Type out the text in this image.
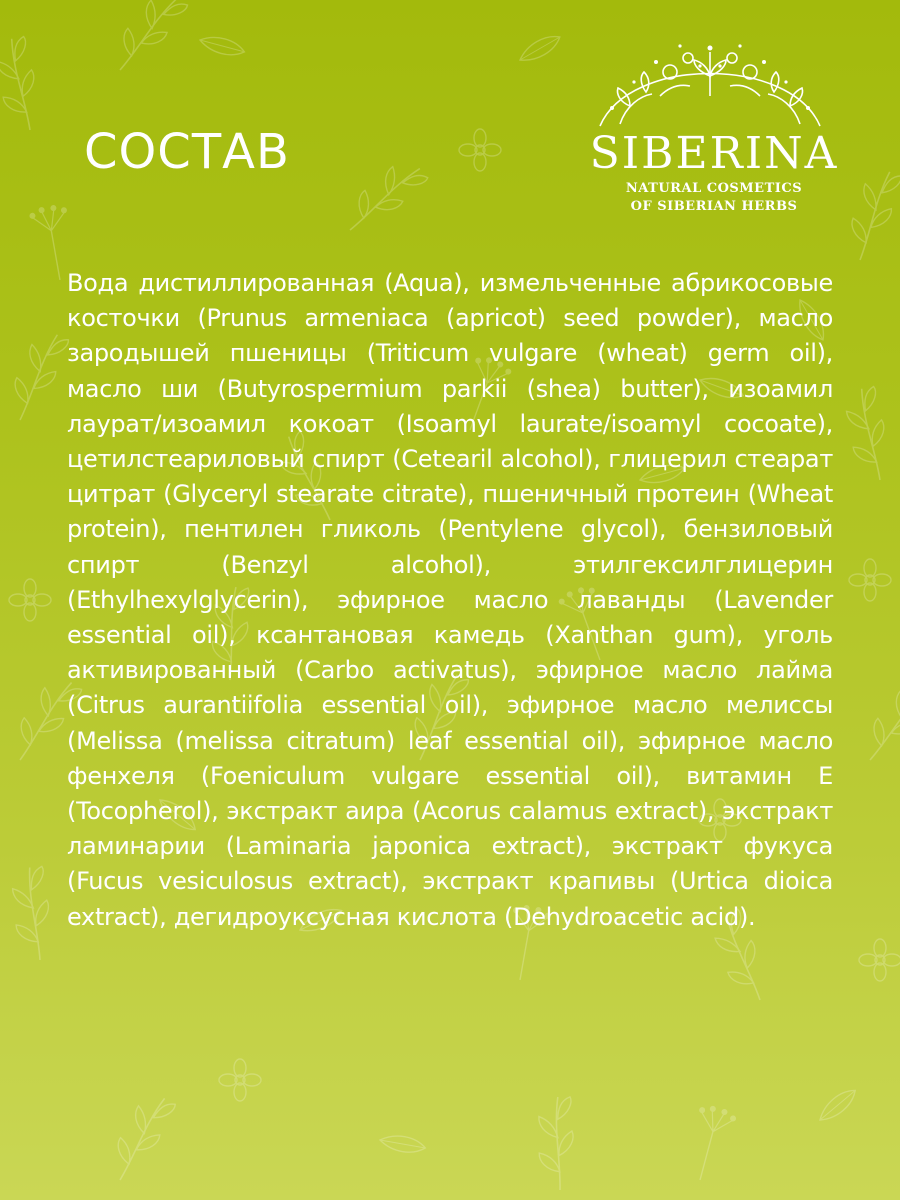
СОСТАВ	SIBERINA
NATURAL COSMETICS
OF SIBERIAN HERBS

Вода дистиллированная (Aqua), измельченные абрикосовые косточки (Prunus armeniaca (apricot) seed powder), масло зародышей пшеницы (Triticum vulgare (wheat) germ oil), масло ши (Butyrospermium parkii (shea) butter), изоамил лаурат/изоамил кокоат (Isoamyl laurate/isoamyl cocoate), цетилстеариловый спирт (Cetearil alcohol), глицерил стеарат цитрат (Glyceryl stearate citrate), пшеничный протеин (Wheat protein), пентилен гликоль (Pentylene glycol), бензиловый спирт (Benzyl alcohol), этилгексилглицерин (Ethylhexylglycerin), эфирное масло лаванды (Lavender essential oil), ксантановая камедь (Xanthan gum), уголь активированный (Carbo activatus), эфирное масло лайма (Citrus aurantiifolia essential oil), эфирное масло мелиссы (Melissa (melissa citratum) leaf essential oil), эфирное масло фенхеля (Foeniculum vulgare essential oil), витамин E (Tocopherol), экстракт аира (Acorus calamus extract), экстракт ламинарии (Laminaria japonica extract), экстракт фукуса (Fucus vesiculosus extract), экстракт крапивы (Urtica dioica extract), дегидроуксусная кислота (Dehydroacetic acid).
